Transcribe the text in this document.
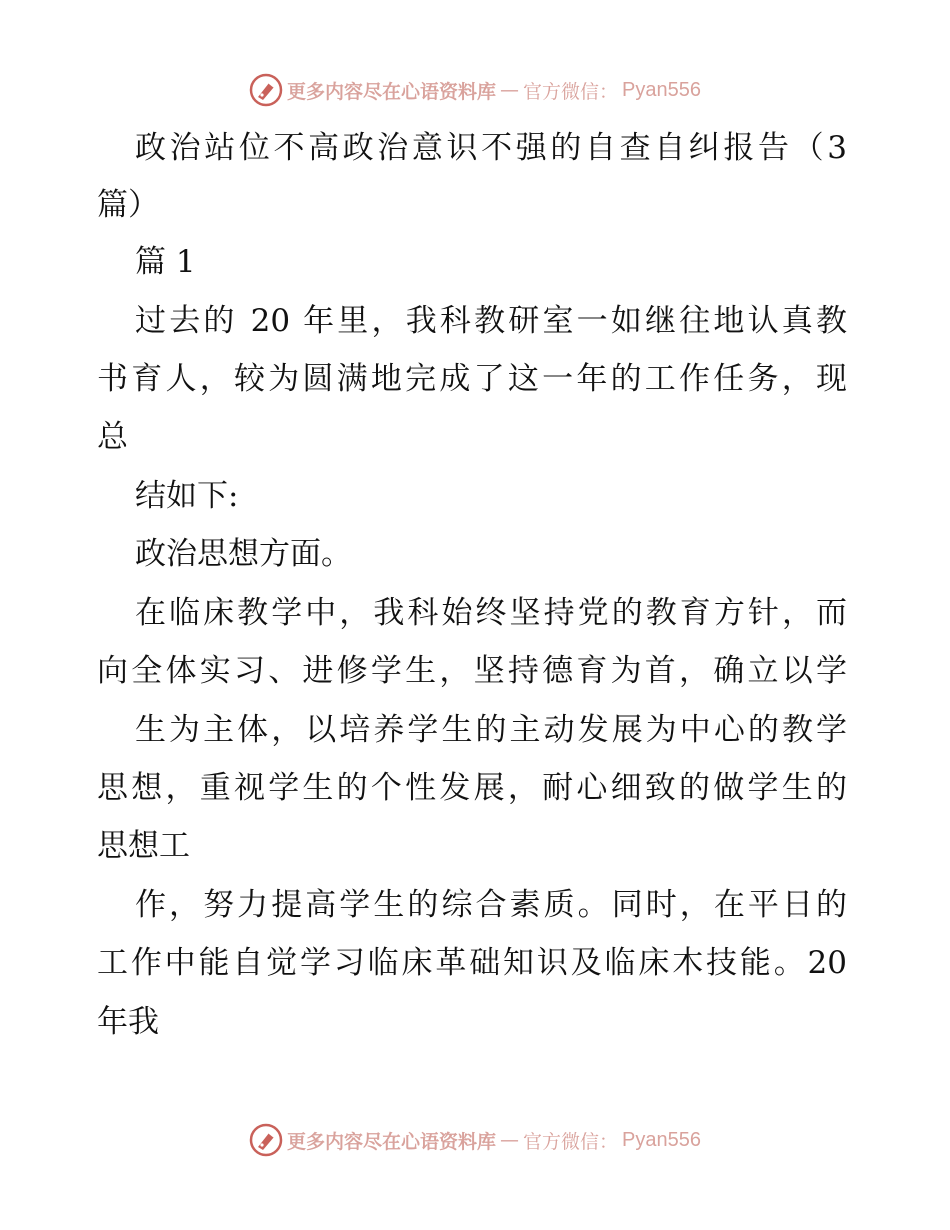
更多内容尽在心语资料库 — 官方微信： Pyan556
政治站位不高政治意识不强的自查自纠报告（3
篇）
篇 1
过去的 20 年里，我科教研室一如继往地认真教
书育人，较为圆满地完成了这一年的工作任务，现
总
结如下:
政治思想方面。
在临床教学中，我科始终坚持党的教育方针，而
向全体实习、进修学生，坚持德育为首，确立以学
生为主体，以培养学生的主动发展为中心的教学
思想，重视学生的个性发展，耐心细致的做学生的
思想工
作，努力提高学生的综合素质。同时，在平日的
工作中能自觉学习临床革础知识及临床木技能。20
年我
更多内容尽在心语资料库 — 官方微信： Pyan556
